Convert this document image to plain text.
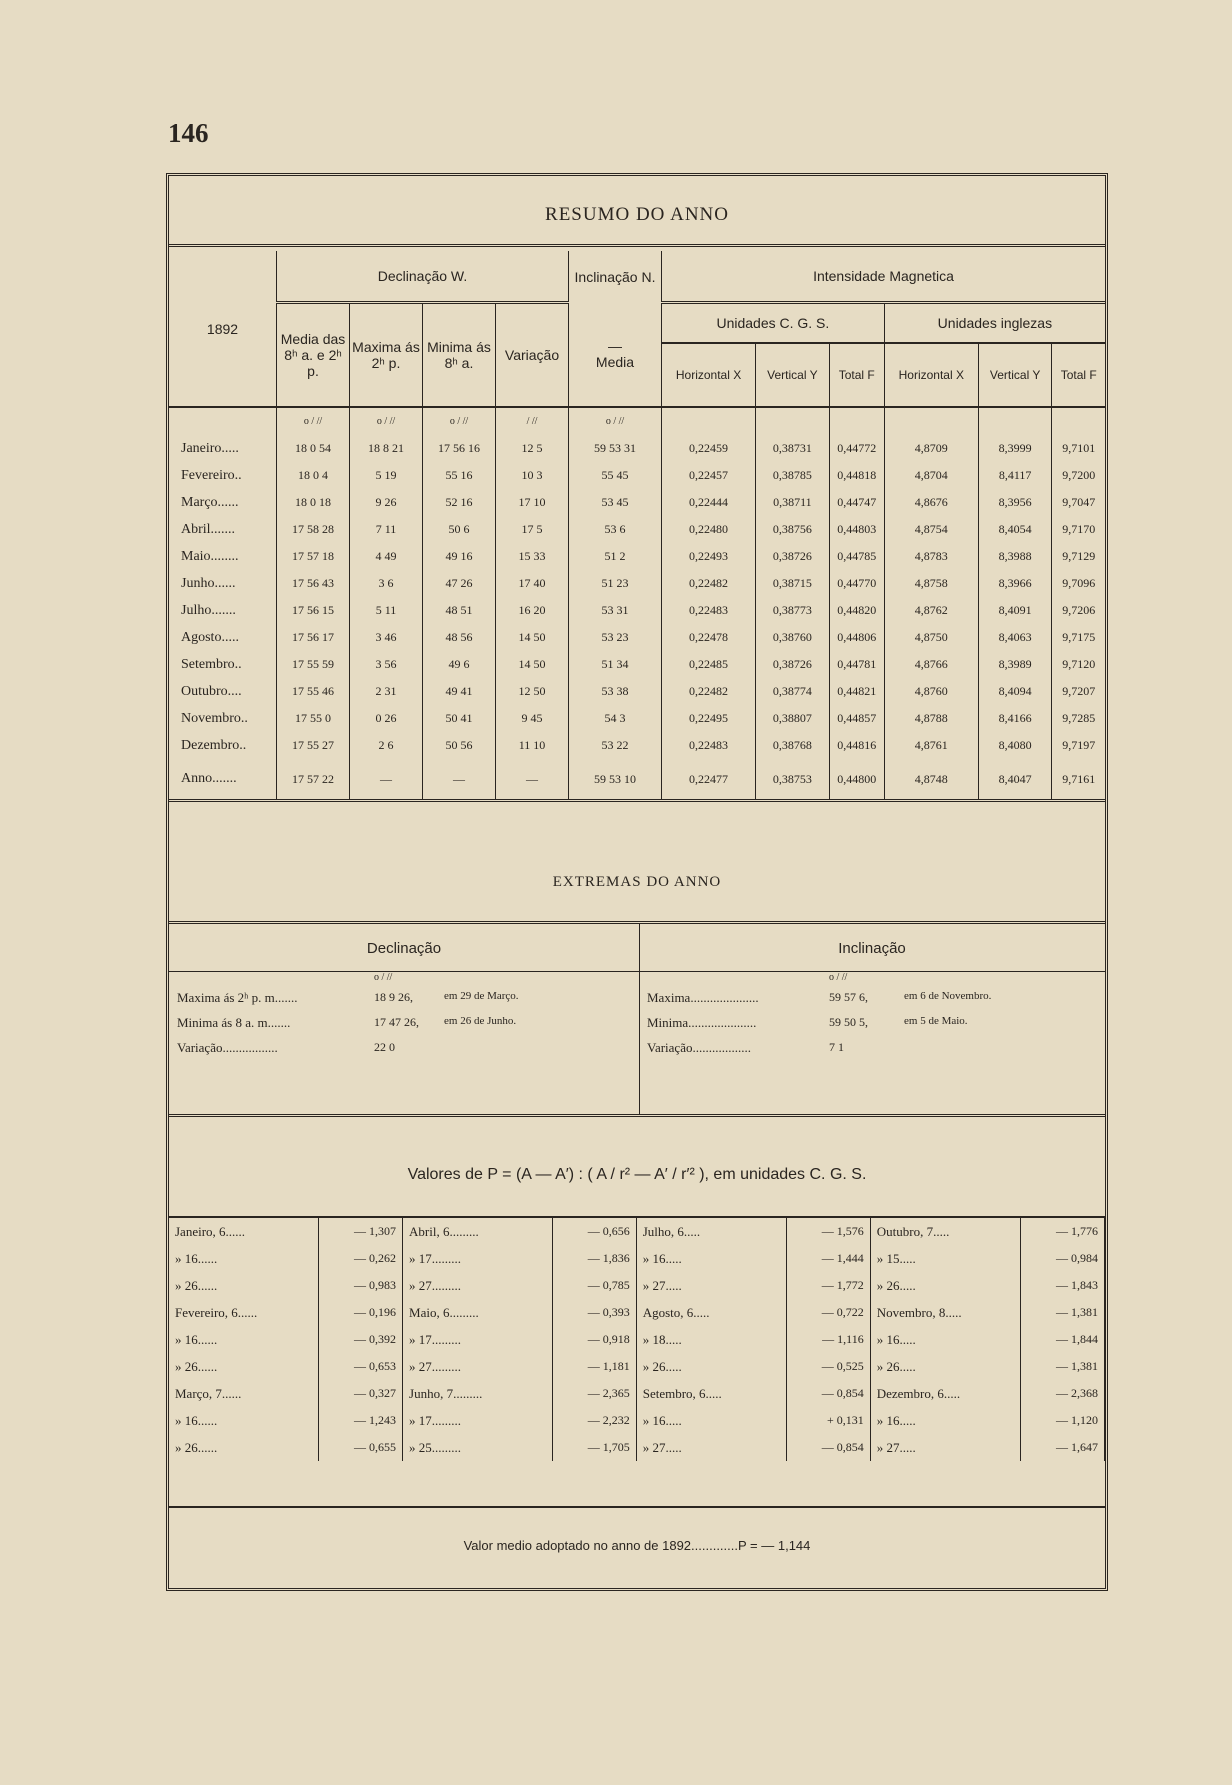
146
RESUMO DO ANNO
1892	Declinação W.				Inclinação N.	Intensidade Magnetica					
	Media das 8ʰ a. e 2ʰ p.	Maxima ás 2ʰ p.	Minima ás 8ʰ a.	Variação	—
Media	Unidades C. G. S.			Unidades inglezas		
						Horizontal X	Vertical Y	Total F	Horizontal X	Vertical Y	Total F
	o / //	o / //	o / //	/ //	o / //						
Janeiro.....	18 0 54	18 8 21	17 56 16	12 5	59 53 31	0,22459	0,38731	0,44772	4,8709	8,3999	9,7101
Fevereiro..	18 0 4	5 19	55 16	10 3	55 45	0,22457	0,38785	0,44818	4,8704	8,4117	9,7200
Março......	18 0 18	9 26	52 16	17 10	53 45	0,22444	0,38711	0,44747	4,8676	8,3956	9,7047
Abril.......	17 58 28	7 11	50 6	17 5	53 6	0,22480	0,38756	0,44803	4,8754	8,4054	9,7170
Maio........	17 57 18	4 49	49 16	15 33	51 2	0,22493	0,38726	0,44785	4,8783	8,3988	9,7129
Junho......	17 56 43	3 6	47 26	17 40	51 23	0,22482	0,38715	0,44770	4,8758	8,3966	9,7096
Julho.......	17 56 15	5 11	48 51	16 20	53 31	0,22483	0,38773	0,44820	4,8762	8,4091	9,7206
Agosto.....	17 56 17	3 46	48 56	14 50	53 23	0,22478	0,38760	0,44806	4,8750	8,4063	9,7175
Setembro..	17 55 59	3 56	49 6	14 50	51 34	0,22485	0,38726	0,44781	4,8766	8,3989	9,7120
Outubro....	17 55 46	2 31	49 41	12 50	53 38	0,22482	0,38774	0,44821	4,8760	8,4094	9,7207
Novembro..	17 55 0	0 26	50 41	9 45	54 3	0,22495	0,38807	0,44857	4,8788	8,4166	9,7285
Dezembro..	17 55 27	2 6	50 56	11 10	53 22	0,22483	0,38768	0,44816	4,8761	8,4080	9,7197
Anno.......	17 57 22	—	—	—	59 53 10	0,22477	0,38753	0,44800	4,8748	8,4047	9,7161
EXTREMAS DO ANNO
Declinação
o / //
Maxima ás 2ʰ p. m.......	18 9 26,	em 29 de Março.
Minima ás 8 a. m.......	17 47 26, em 26 de Junho.
Variação.................	22 0
Inclinação
o / //
Maxima.....................	59 57 6,	em 6 de Novembro.
Minima.....................	59 50 5,	em 5 de Maio.
Variação..................	7 1
Valores de P = (A — A′) : ( A / r² — A′ / r′² ), em unidades C. G. S.
Janeiro, 6......	— 1,307	Abril, 6.........	— 0,656	Julho, 6.....	— 1,576	Outubro, 7.....	— 1,776
» 16......	— 0,262	» 17.........	— 1,836	» 16.....	— 1,444	» 15.....	— 0,984
» 26......	— 0,983	» 27.........	— 0,785	» 27.....	— 1,772	» 26.....	— 1,843
Fevereiro, 6......	— 0,196	Maio, 6.........	— 0,393	Agosto, 6.....	— 0,722	Novembro, 8.....	— 1,381
» 16......	— 0,392	» 17.........	— 0,918	» 18.....	— 1,116	» 16.....	— 1,844
» 26......	— 0,653	» 27.........	— 1,181	» 26.....	— 0,525	» 26.....	— 1,381
Março, 7......	— 0,327	Junho, 7.........	— 2,365	Setembro, 6.....	— 0,854	Dezembro, 6.....	— 2,368
» 16......	— 1,243	» 17.........	— 2,232	» 16.....	+ 0,131	» 16.....	— 1,120
» 26......	— 0,655	» 25.........	— 1,705	» 27.....	— 0,854	» 27.....	— 1,647
Valor medio adoptado no anno de 1892.............P = — 1,144
